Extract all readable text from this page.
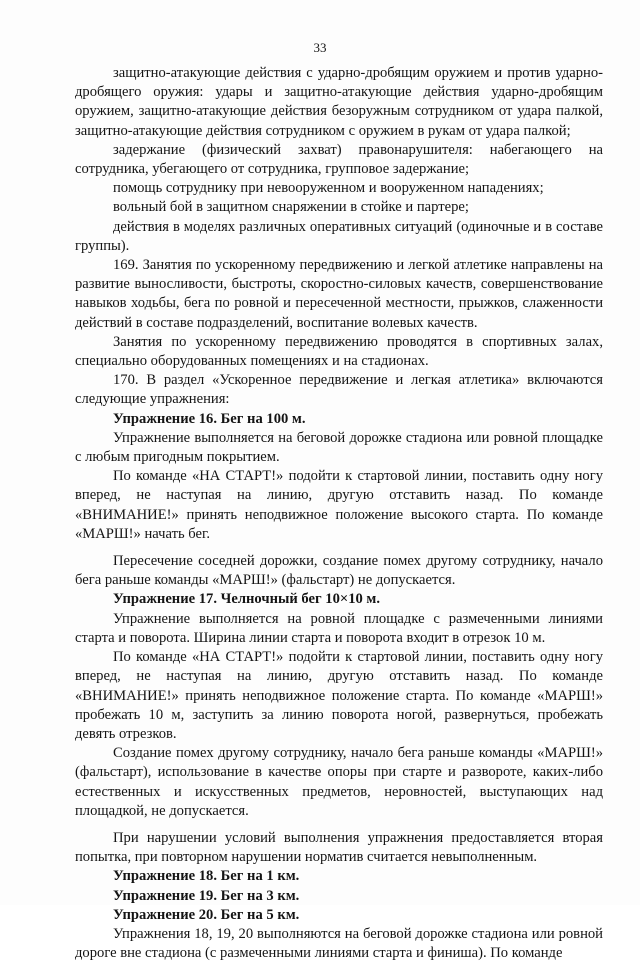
33

защитно-атакующие действия с ударно-дробящим оружием и против ударно-дробящего оружия: удары и защитно-атакующие действия ударно-дробящим оружием, защитно-атакующие действия безоружным сотрудником от удара палкой, защитно-атакующие действия сотрудником с оружием в рукам от удара палкой;

задержание (физический захват) правонарушителя: набегающего на сотрудника, убегающего от сотрудника, групповое задержание;

помощь сотруднику при невооруженном и вооруженном нападениях;

вольный бой в защитном снаряжении в стойке и партере;

действия в моделях различных оперативных ситуаций (одиночные и в составе группы).

169. Занятия по ускоренному передвижению и легкой атлетике направлены на развитие выносливости, быстроты, скоростно-силовых качеств, совершенствование навыков ходьбы, бега по ровной и пересеченной местности, прыжков, слаженности действий в составе подразделений, воспитание волевых качеств.

Занятия по ускоренному передвижению проводятся в спортивных залах, специально оборудованных помещениях и на стадионах.

170. В раздел «Ускоренное передвижение и легкая атлетика» включаются следующие упражнения:

Упражнение 16. Бег на 100 м.

Упражнение выполняется на беговой дорожке стадиона или ровной площадке с любым пригодным покрытием.

По команде «НА СТАРТ!» подойти к стартовой линии, поставить одну ногу вперед, не наступая на линию, другую отставить назад. По команде «ВНИМАНИЕ!» принять неподвижное положение высокого старта. По команде «МАРШ!» начать бег.

Пересечение соседней дорожки, создание помех другому сотруднику, начало бега раньше команды «МАРШ!» (фальстарт) не допускается.

Упражнение 17. Челночный бег 10×10 м.

Упражнение выполняется на ровной площадке с размеченными линиями старта и поворота. Ширина линии старта и поворота входит в отрезок 10 м.

По команде «НА СТАРТ!» подойти к стартовой линии, поставить одну ногу вперед, не наступая на линию, другую отставить назад. По команде «ВНИМАНИЕ!» принять неподвижное положение старта. По команде «МАРШ!» пробежать 10 м, заступить за линию поворота ногой, развернуться, пробежать девять отрезков.

Создание помех другому сотруднику, начало бега раньше команды «МАРШ!» (фальстарт), использование в качестве опоры при старте и развороте, каких-либо естественных и искусственных предметов, неровностей, выступающих над площадкой, не допускается.

При нарушении условий выполнения упражнения предоставляется вторая попытка, при повторном нарушении норматив считается невыполненным.

Упражнение 18. Бег на 1 км.

Упражнение 19. Бег на 3 км.

Упражнение 20. Бег на 5 км.

Упражнения 18, 19, 20 выполняются на беговой дорожке стадиона или ровной дороге вне стадиона (с размеченными линиями старта и финиша). По команде
